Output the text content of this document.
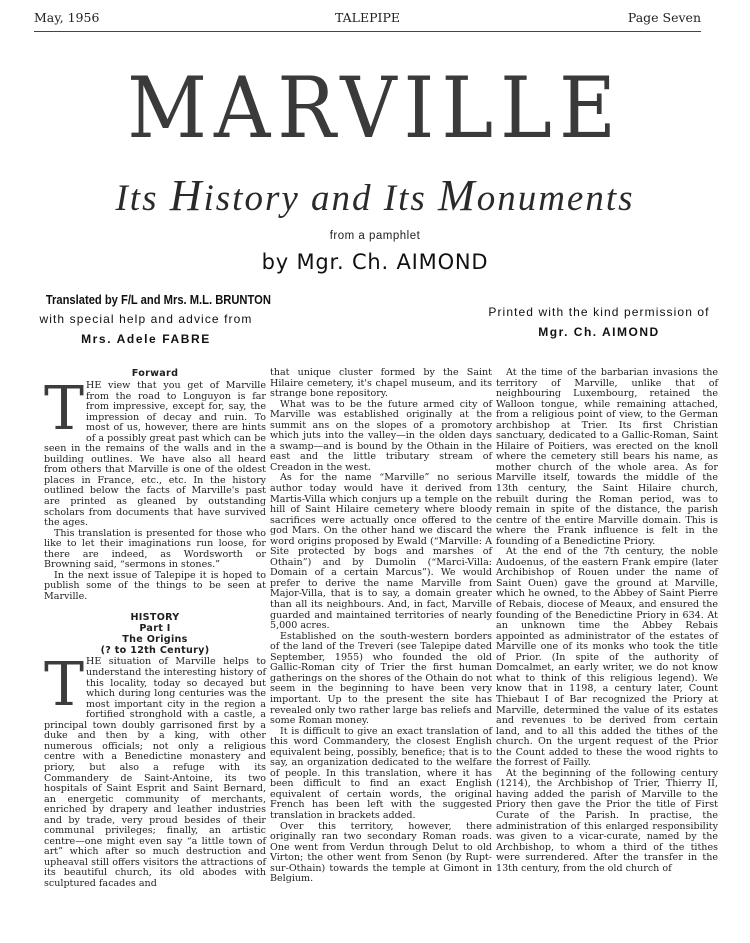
May, 1956	TALEPIPE	Page Seven
MARVILLE
Its History and Its Monuments
from a pamphlet
by Mgr. Ch. AIMOND
Translated by F/L and Mrs. M.L. BRUNTON
with special help and advice from
Mrs. Adele FABRE
Printed with the kind permission of
Mgr. Ch. AIMOND
Forward

THE view that you get of Marville from the road to Longuyon is far from impressive, except for, say, the impression of decay and ruin. To most of us, however, there are hints of a possibly great past which can be seen in the remains of the walls and in the building outlines. We have also all heard from others that Marville is one of the oldest places in France, etc., etc. In the history outlined below the facts of Marville's past are printed as gleaned by outstanding scholars from documents that have survived the ages.

This translation is presented for those who like to let their imaginations run loose, for there are indeed, as Wordsworth or Browning said, “sermons in stones.”

In the next issue of Talepipe it is hoped to publish some of the things to be seen at Marville.

HISTORY
Part I
The Origins
(? to 12th Century)

THE situation of Marville helps to understand the interesting history of this locality, today so decayed but which during long centuries was the most important city in the region a fortified stronghold with a castle, a principal town doubly garrisoned first by a duke and then by a king, with other numerous officials; not only a religious centre with a Benedictine monastery and priory, but also a refuge with its Commandery de Saint-Antoine, its two hospitals of Saint Esprit and Saint Bernard, an energetic community of merchants, enriched by drapery and leather industries and by trade, very proud besides of their communal privileges; finally, an artistic centre—one might even say “a little town of art” which after so much destruction and upheaval still offers visitors the attractions of its beautiful church, its old abodes with sculptured facades and

that unique cluster formed by the Saint Hilaire cemetery, it's chapel museum, and its strange bone repository.

What was to be the future armed city of Marville was established originally at the summit ans on the slopes of a promotory which juts into the valley—in the olden days a swamp—and is bound by the Othain in the east and the little tributary stream of Creadon in the west.

As for the name “Marville” no serious author today would have it derived from Martis-Villa which conjurs up a temple on the hill of Saint Hilaire cemetery where bloody sacrifices were actually once offered to the god Mars. On the other hand we discard the word origins proposed by Ewald (“Marville: A Site protected by bogs and marshes of Othain”) and by Dumolin (“Marci-Villa: Domain of a certain Marcus”). We would prefer to derive the name Marville from Major-Villa, that is to say, a domain greater than all its neighbours. And, in fact, Marville guarded and maintained territories of nearly 5,000 acres.

Established on the south-western borders of the land of the Treveri (see Talepipe dated September, 1955) who founded the old Gallic-Roman city of Trier the first human gatherings on the shores of the Othain do not seem in the beginning to have been very important. Up to the present the site has revealed only two rather large bas reliefs and some Roman money.

It is difficult to give an exact translation of this word Commandery, the closest English equivalent being, possibly, benefice; that is to say, an organization dedicated to the welfare of people. In this translation, where it has been difficult to find an exact English equivalent of certain words, the original French has been left with the suggested translation in brackets added.

Over this territory, however, there originally ran two secondary Roman roads. One went from Verdun through Delut to old Virton; the other went from Senon (by Rupt-sur-Othain) towards the temple at Gimont in Belgium.

At the time of the barbarian invasions the territory of Marville, unlike that of neighbouring Luxembourg, retained the Walloon tongue, while remaining attached, from a religious point of view, to the German archbishop at Trier. Its first Christian sanctuary, dedicated to a Gallic-Roman, Saint Hilaire of Poitiers, was erected on the knoll where the cemetery still bears his name, as mother church of the whole area. As for Marville itself, towards the middle of the 13th century, the Saint Hilaire church, rebuilt during the Roman period, was to remain in spite of the distance, the parish centre of the entire Marville domain. This is where the Frank influence is felt in the founding of a Benedictine Priory.

At the end of the 7th century, the noble Audoenus, of the eastern Frank empire (later Archibishop of Rouen under the name of Saint Ouen) gave the ground at Marville, which he owned, to the Abbey of Saint Pierre of Rebais, diocese of Meaux, and ensured the founding of the Benedictine Priory in 634. At an unknown time the Abbey Rebais appointed as administrator of the estates of Marville one of its monks who took the title of Prior. (In spite of the authority of Domcalmet, an early writer, we do not know what to think of this religious legend). We know that in 1198, a century later, Count Thiebaut I of Bar recognized the Priory at Marville, determined the value of its estates and revenues to be derived from certain land, and to all this added the tithes of the church. On the urgent request of the Prior the Count added to these the wood rights to the forrest of Failly.

At the beginning of the following century (1214), the Archbishop of Trier, Thierry II, having added the parish of Marville to the Priory then gave the Prior the title of First Curate of the Parish. In practise, the administration of this enlarged responsibility was given to a vicar-curate, named by the Archbishop, to whom a third of the tithes were surrendered. After the transfer in the 13th century, from the old church of
